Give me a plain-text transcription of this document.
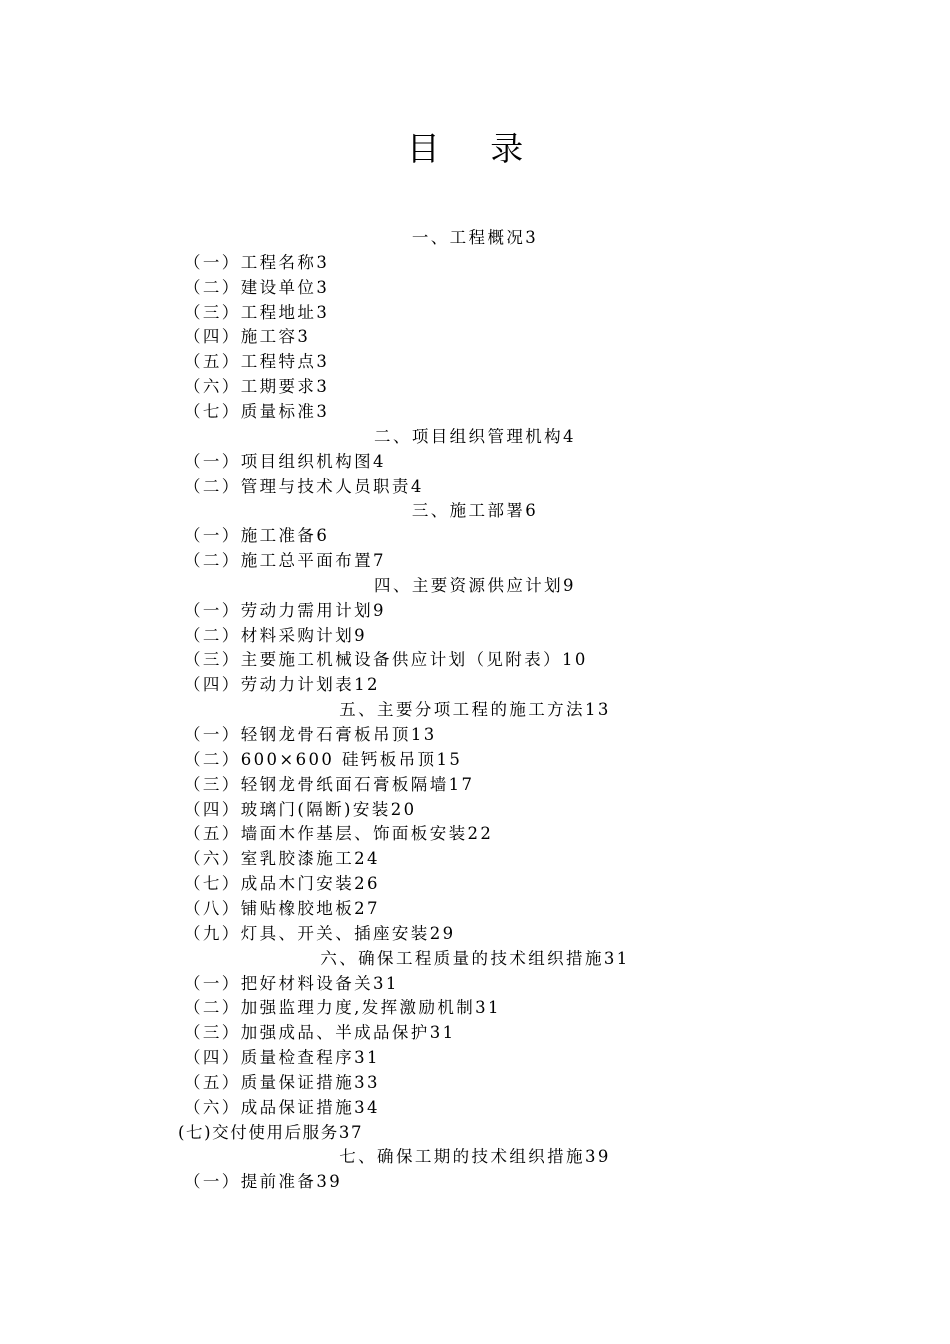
目 录
一、工程概况3
（一）工程名称3
（二）建设单位3
（三）工程地址3
（四）施工容3
（五）工程特点3
（六）工期要求3
（七）质量标准3
二、项目组织管理机构4
（一）项目组织机构图4
（二）管理与技术人员职责4
三、施工部署6
（一）施工准备6
（二）施工总平面布置7
四、主要资源供应计划9
（一）劳动力需用计划9
（二）材料采购计划9
（三）主要施工机械设备供应计划（见附表）10
（四）劳动力计划表12
五、主要分项工程的施工方法13
（一）轻钢龙骨石膏板吊顶13
（二）600×600 硅钙板吊顶15
（三）轻钢龙骨纸面石膏板隔墙17
（四）玻璃门(隔断)安装20
（五）墙面木作基层、饰面板安装22
（六）室乳胶漆施工24
（七）成品木门安装26
（八）铺贴橡胶地板27
（九）灯具、开关、插座安装29
六、确保工程质量的技术组织措施31
（一）把好材料设备关31
（二）加强监理力度,发挥激励机制31
（三）加强成品、半成品保护31
（四）质量检查程序31
（五）质量保证措施33
（六）成品保证措施34
(七)交付使用后服务37
七、确保工期的技术组织措施39
（一）提前准备39
